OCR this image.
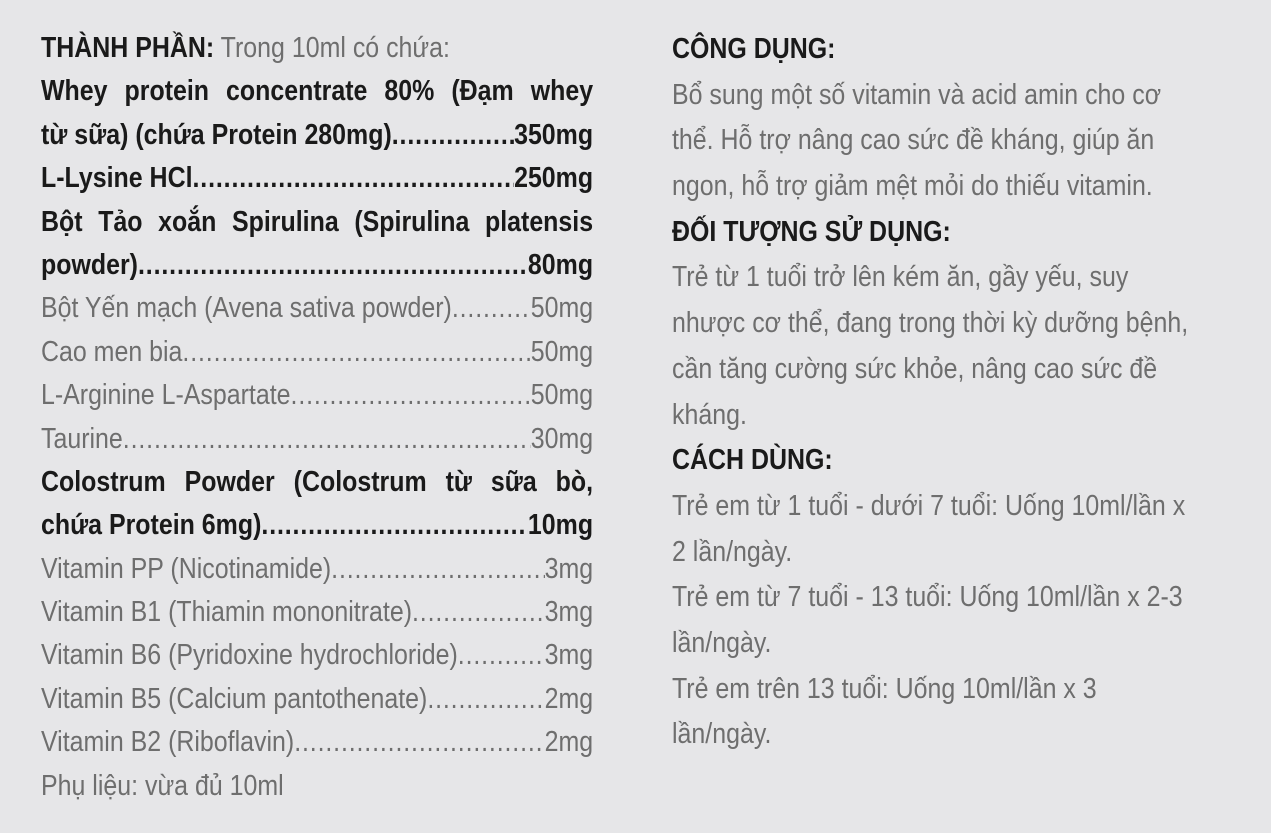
THÀNH PHẦN: Trong 10ml có chứa:
Whey protein concentrate 80% (Đạm whey
từ sữa) (chứa Protein 280mg) .....	350mg
L-Lysine HCl .....	250mg
Bột Tảo xoắn Spirulina (Spirulina platensis
powder) .....	80mg
Bột Yến mạch (Avena sativa powder) .....	50mg
Cao men bia .....	50mg
L-Arginine L-Aspartate .....	50mg
Taurine .....	30mg
Colostrum Powder (Colostrum từ sữa bò,
chứa Protein 6mg) .....	10mg
Vitamin PP (Nicotinamide) .....	3mg
Vitamin B1 (Thiamin mononitrate) .....	3mg
Vitamin B6 (Pyridoxine hydrochloride) .....	3mg
Vitamin B5 (Calcium pantothenate) .....	2mg
Vitamin B2 (Riboflavin) .....	2mg
Phụ liệu: vừa đủ 10ml
CÔNG DỤNG:
Bổ sung một số vitamin và acid amin cho cơ
thể. Hỗ trợ nâng cao sức đề kháng, giúp ăn
ngon, hỗ trợ giảm mệt mỏi do thiếu vitamin.
ĐỐI TƯỢNG SỬ DỤNG:
Trẻ từ 1 tuổi trở lên kém ăn, gầy yếu, suy
nhược cơ thể, đang trong thời kỳ dưỡng bệnh,
cần tăng cường sức khỏe, nâng cao sức đề
kháng.
CÁCH DÙNG:
Trẻ em từ 1 tuổi - dưới 7 tuổi: Uống 10ml/lần x
2 lần/ngày.
Trẻ em từ 7 tuổi - 13 tuổi: Uống 10ml/lần x 2-3
lần/ngày.
Trẻ em trên 13 tuổi: Uống 10ml/lần x 3
lần/ngày.
